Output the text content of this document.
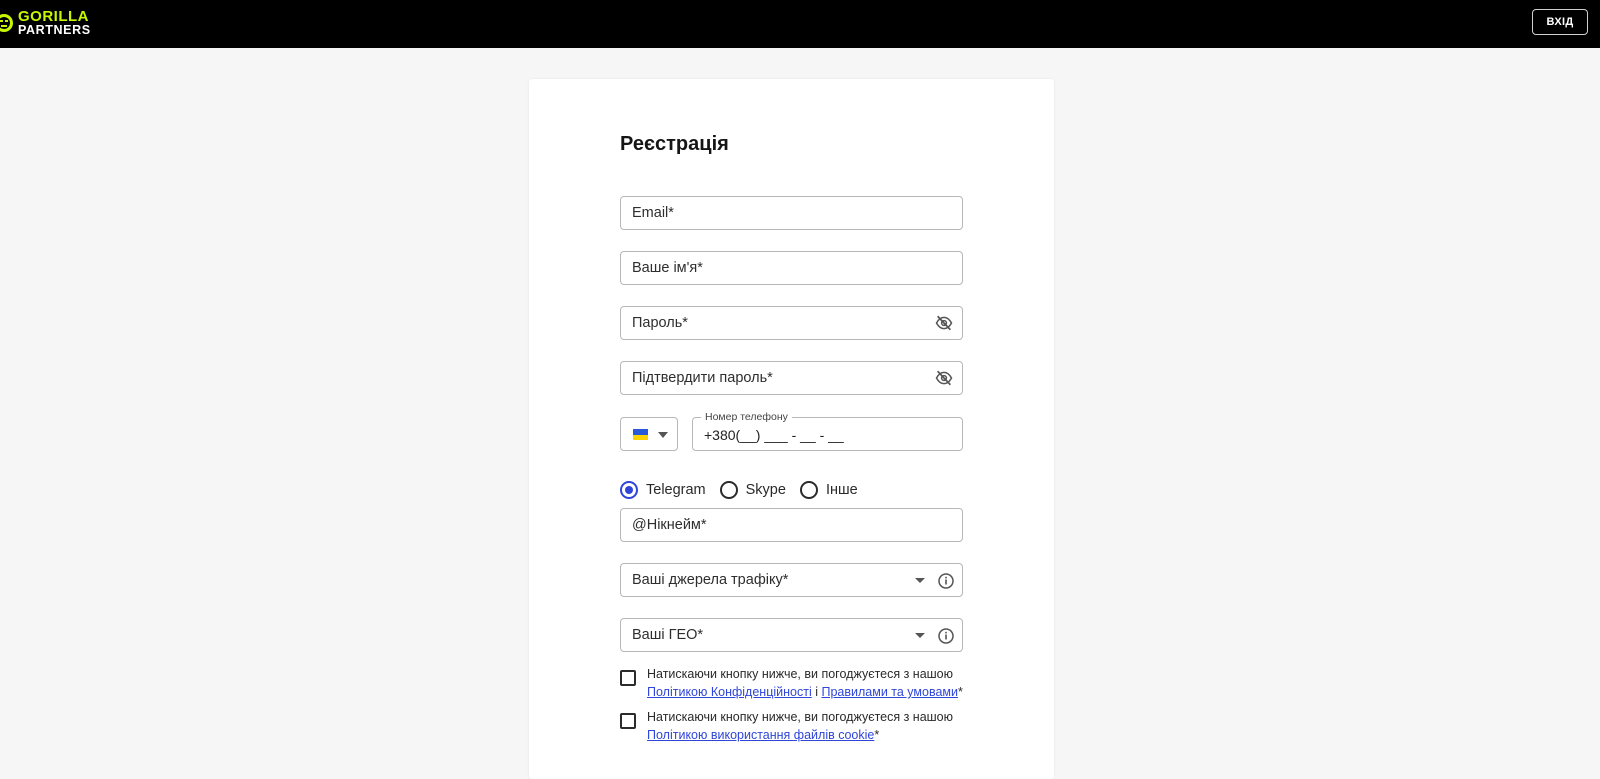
GORILLA
PARTNERS
ВХІД
Реєстрація
Email*
Ваше ім'я*
Пароль*
Підтвердити пароль*
Номер телефону
+380(__) ___ - __ - __
Telegram	Skype	Інше
@Нікнейм*
Ваші джерела трафіку*
Ваші ГЕО*
Натискаючи кнопку нижче, ви погоджуєтеся з нашою
Політикою Конфіденційності і Правилами та умовами*
Натискаючи кнопку нижче, ви погоджуєтеся з нашою
Політикою використання файлів cookie*
